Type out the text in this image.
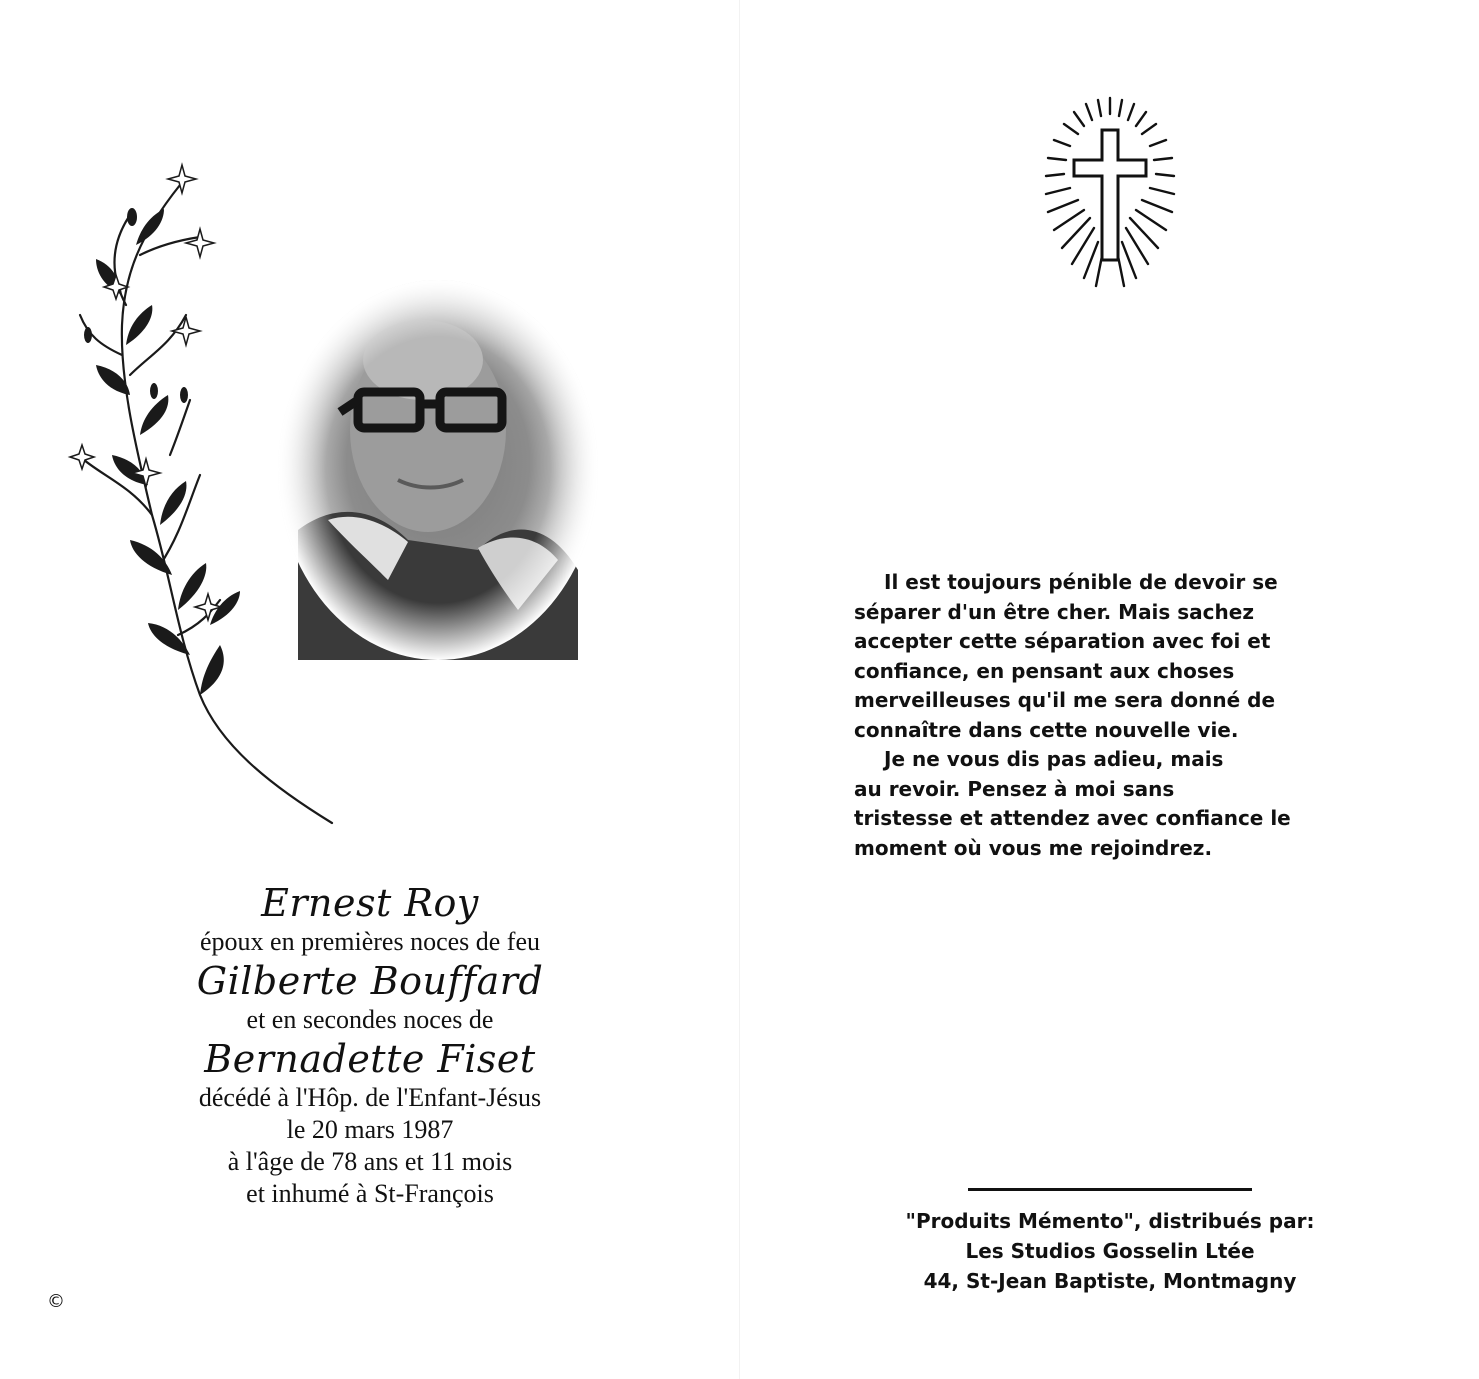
Ernest Roy
époux en premières noces de feu
Gilberte Bouffard
et en secondes noces de
Bernadette Fiset
décédé à l'Hôp. de l'Enfant-Jésus
le 20 mars 1987
à l'âge de 78 ans et 11 mois
et inhumé à St-François
©
Il est toujours pénible de devoir se
séparer d'un être cher. Mais sachez
accepter cette séparation avec foi et
confiance, en pensant aux choses
merveilleuses qu'il me sera donné de
connaître dans cette nouvelle vie.
Je ne vous dis pas adieu, mais
au revoir. Pensez à moi sans
tristesse et attendez avec confiance le
moment où vous me rejoindrez.
"Produits Mémento", distribués par:
Les Studios Gosselin Ltée
44, St-Jean Baptiste, Montmagny
